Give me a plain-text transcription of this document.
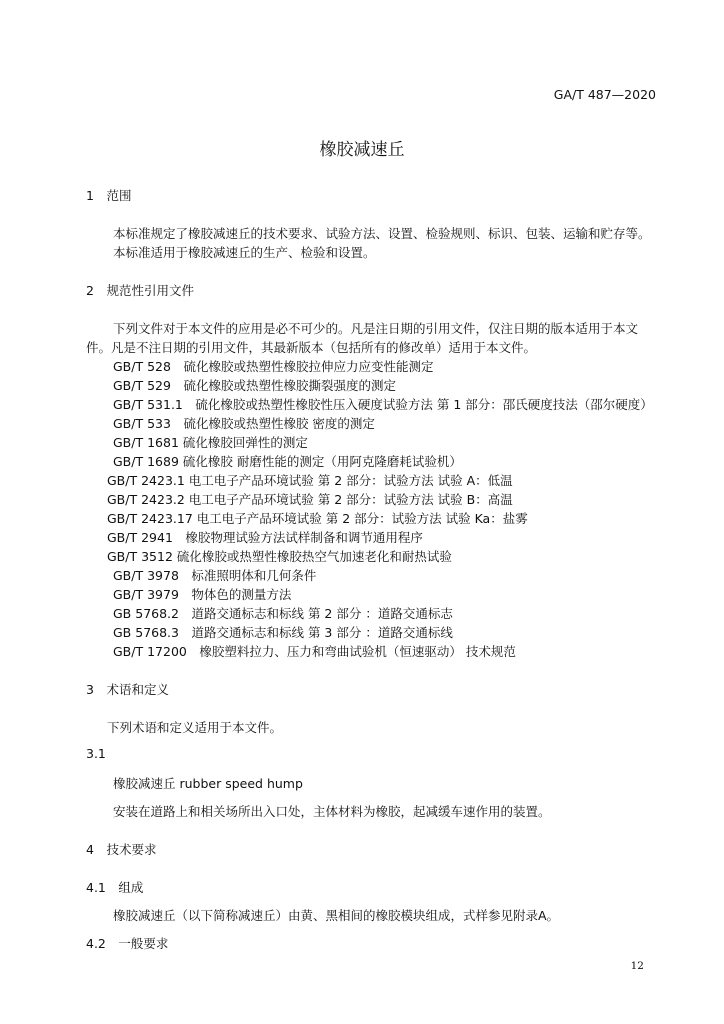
GA/T 487—2020
橡胶减速丘
1　范围
本标准规定了橡胶减速丘的技术要求、试验方法、设置、检验规则、标识、包装、运输和贮存等。
本标准适用于橡胶减速丘的生产、检验和设置。
2　规范性引用文件
下列文件对于本文件的应用是必不可少的。凡是注日期的引用文件，仅注日期的版本适用于本文
件。凡是不注日期的引用文件，其最新版本（包括所有的修改单）适用于本文件。
GB/T 528　硫化橡胶或热塑性橡胶拉伸应力应变性能测定
GB/T 529　硫化橡胶或热塑性橡胶撕裂强度的测定
GB/T 531.1　硫化橡胶或热塑性橡胶性压入硬度试验方法 第 1 部分：邵氏硬度技法（邵尔硬度）
GB/T 533　硫化橡胶或热塑性橡胶 密度的测定
GB/T 1681 硫化橡胶回弹性的测定
GB/T 1689 硫化橡胶 耐磨性能的测定（用阿克隆磨耗试验机）
GB/T 2423.1 电工电子产品环境试验 第 2 部分：试验方法 试验 A：低温
GB/T 2423.2 电工电子产品环境试验 第 2 部分：试验方法 试验 B：高温
GB/T 2423.17 电工电子产品环境试验 第 2 部分：试验方法 试验 Ka：盐雾
GB/T 2941　橡胶物理试验方法试样制备和调节通用程序
GB/T 3512 硫化橡胶或热塑性橡胶热空气加速老化和耐热试验
GB/T 3978　标准照明体和几何条件
GB/T 3979　物体色的测量方法
GB 5768.2　道路交通标志和标线 第 2 部分 ：道路交通标志
GB 5768.3　道路交通标志和标线 第 3 部分 ：道路交通标线
GB/T 17200　橡胶塑料拉力、压力和弯曲试验机（恒速驱动） 技术规范
3　术语和定义
下列术语和定义适用于本文件。
3.1
橡胶减速丘 rubber speed hump
安装在道路上和相关场所出入口处，主体材料为橡胶，起减缓车速作用的装置。
4　技术要求
4.1　组成
橡胶减速丘（以下简称减速丘）由黄、黑相间的橡胶模块组成，式样参见附录A。
4.2　一般要求
12
